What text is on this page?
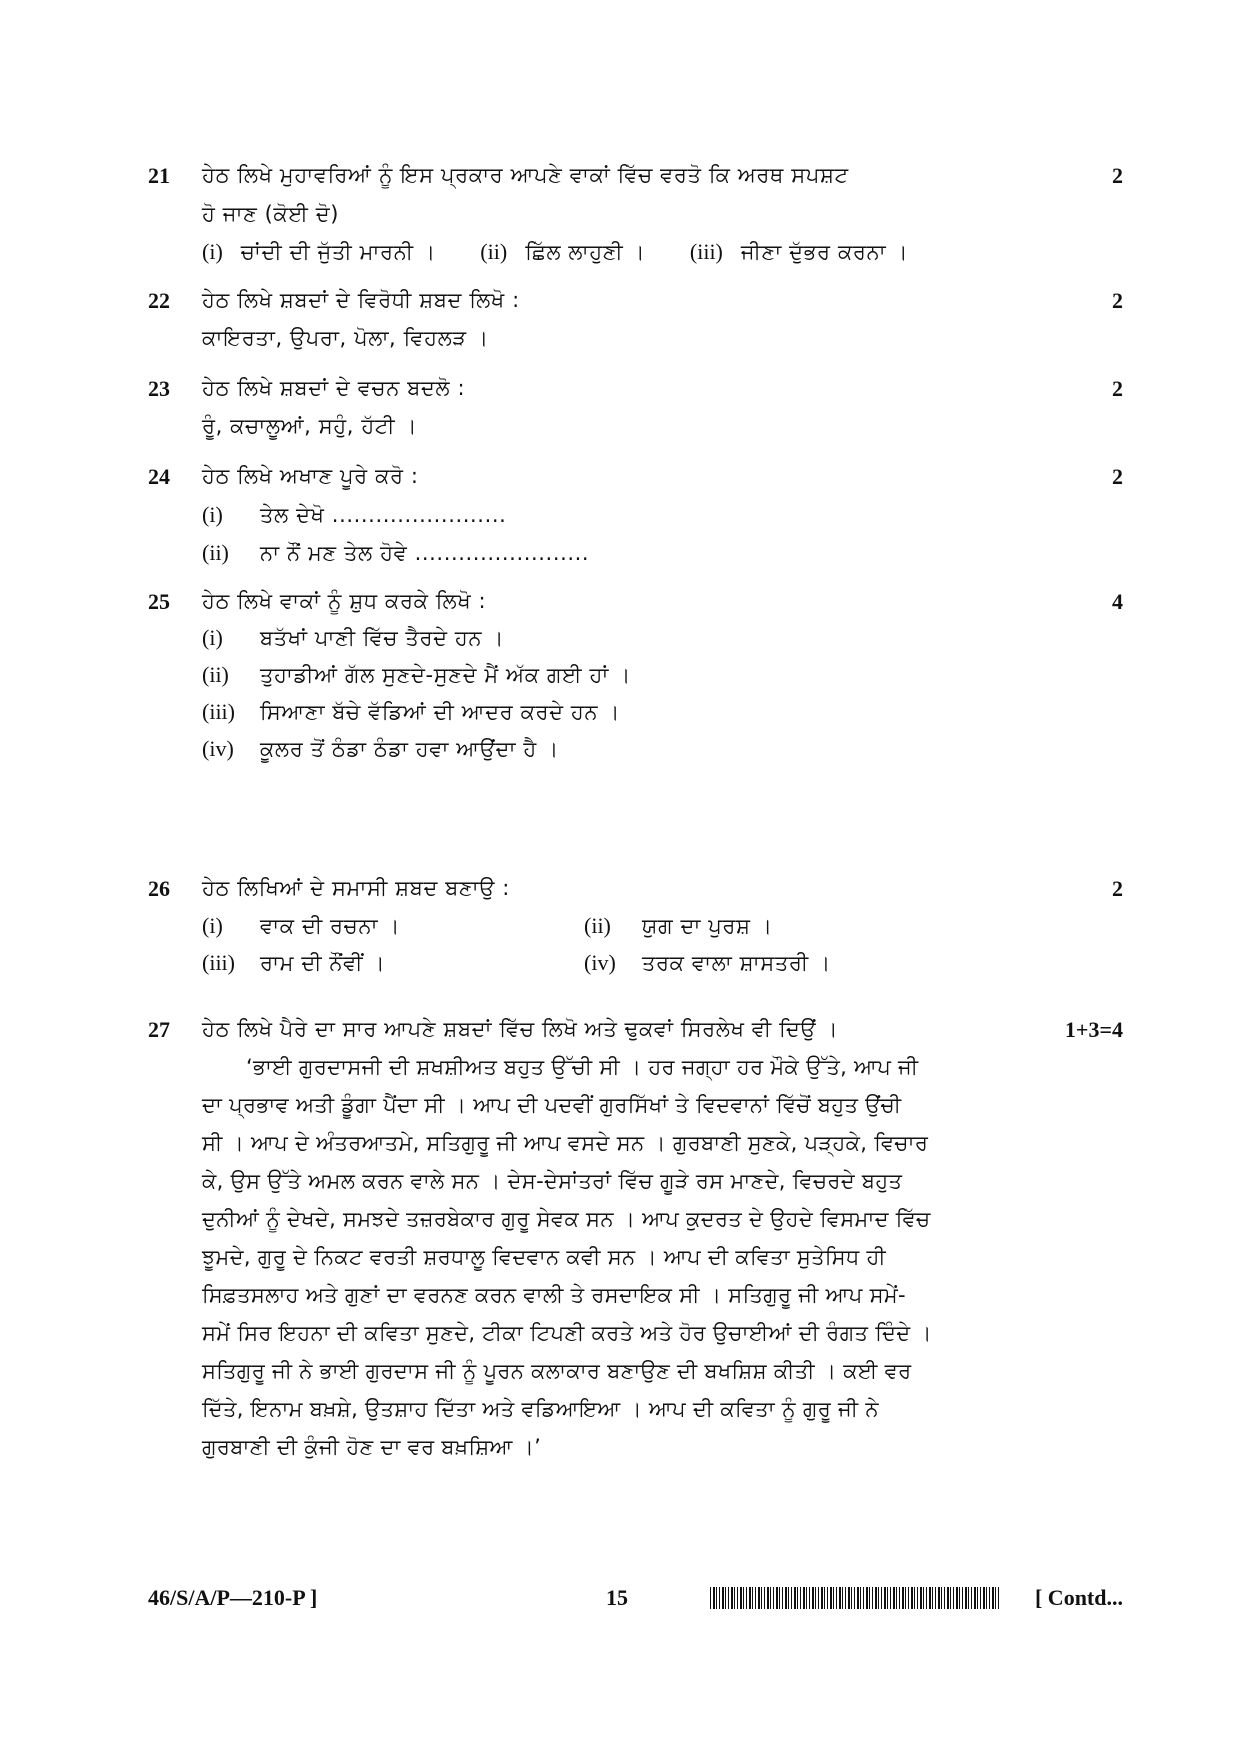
21	ਹੇਠ ਲਿਖੇ ਮੁਹਾਵਰਿਆਂ ਨੂੰ ਇਸ ਪ੍ਰਕਾਰ ਆਪਣੇ ਵਾਕਾਂ ਵਿੱਚ ਵਰਤੋ ਕਿ ਅਰਥ ਸਪਸ਼ਟ	2
ਹੋ ਜਾਣ (ਕੋਈ ਦੋ)
(i) ਚਾਂਦੀ ਦੀ ਜੁੱਤੀ ਮਾਰਨੀ । (ii) ਛਿੱਲ ਲਾਹੁਣੀ । (iii) ਜੀਣਾ ਦੁੱਭਰ ਕਰਨਾ ।
22	ਹੇਠ ਲਿਖੇ ਸ਼ਬਦਾਂ ਦੇ ਵਿਰੋਧੀ ਸ਼ਬਦ ਲਿਖੋ :	2
ਕਾਇਰਤਾ, ਉਪਰਾ, ਪੋਲਾ, ਵਿਹਲੜ ।
23	ਹੇਠ ਲਿਖੇ ਸ਼ਬਦਾਂ ਦੇ ਵਚਨ ਬਦਲੋ :	2
ਰੂੰ, ਕਚਾਲੂਆਂ, ਸਹੁੰ, ਹੱਟੀ ।
24	ਹੇਠ ਲਿਖੇ ਅਖਾਣ ਪੂਰੇ ਕਰੋ :	2
(i) ਤੇਲ ਦੇਖੋ ........................
(ii) ਨਾ ਨੌਂ ਮਣ ਤੇਲ ਹੋਵੇ ........................
25	ਹੇਠ ਲਿਖੇ ਵਾਕਾਂ ਨੂੰ ਸ਼ੁਧ ਕਰਕੇ ਲਿਖੋ :	4
(i) ਬਤੱਖਾਂ ਪਾਣੀ ਵਿੱਚ ਤੈਰਦੇ ਹਨ ।
(ii) ਤੁਹਾਡੀਆਂ ਗੱਲ ਸੁਣਦੇ-ਸੁਣਦੇ ਮੈਂ ਅੱਕ ਗਈ ਹਾਂ ।
(iii) ਸਿਆਣਾ ਬੱਚੇ ਵੱਡਿਆਂ ਦੀ ਆਦਰ ਕਰਦੇ ਹਨ ।
(iv) ਕੂਲਰ ਤੋਂ ਠੰਡਾ ਠੰਡਾ ਹਵਾ ਆਉਂਦਾ ਹੈ ।
26	ਹੇਠ ਲਿਖਿਆਂ ਦੇ ਸਮਾਸੀ ਸ਼ਬਦ ਬਣਾਉ :	2
(i) ਵਾਕ ਦੀ ਰਚਨਾ ।	(ii) ਯੁਗ ਦਾ ਪੁਰਸ਼ ।
(iii) ਰਾਮ ਦੀ ਨੌਂਵੀਂ ।	(iv) ਤਰਕ ਵਾਲਾ ਸ਼ਾਸਤਰੀ ।
27	ਹੇਠ ਲਿਖੇ ਪੈਰੇ ਦਾ ਸਾਰ ਆਪਣੇ ਸ਼ਬਦਾਂ ਵਿੱਚ ਲਿਖੋ ਅਤੇ ਢੁਕਵਾਂ ਸਿਰਲੇਖ ਵੀ ਦਿਉਂ ।	1+3=4
‘ਭਾਈ ਗੁਰਦਾਸਜੀ ਦੀ ਸ਼ਖਸ਼ੀਅਤ ਬਹੁਤ ਉੱਚੀ ਸੀ । ਹਰ ਜਗ੍ਹਾ ਹਰ ਮੌਕੇ ਉੱਤੇ, ਆਪ ਜੀ
ਦਾ ਪ੍ਰਭਾਵ ਅਤੀ ਡੂੰਗਾ ਪੈਂਦਾ ਸੀ । ਆਪ ਦੀ ਪਦਵੀਂ ਗੁਰਸਿੱਖਾਂ ਤੇ ਵਿਦਵਾਨਾਂ ਵਿੱਚੋਂ ਬਹੁਤ ਉਂਚੀ
ਸੀ । ਆਪ ਦੇ ਅੰਤਰਆਤਮੇ, ਸਤਿਗੁਰੂ ਜੀ ਆਪ ਵਸਦੇ ਸਨ । ਗੁਰਬਾਣੀ ਸੁਣਕੇ, ਪੜ੍ਹਕੇ, ਵਿਚਾਰ
ਕੇ, ਉਸ ਉੱਤੇ ਅਮਲ ਕਰਨ ਵਾਲੇ ਸਨ । ਦੇਸ-ਦੇਸਾਂਤਰਾਂ ਵਿੱਚ ਗੂੜੇ ਰਸ ਮਾਣਦੇ, ਵਿਚਰਦੇ ਬਹੁਤ
ਦੁਨੀਆਂ ਨੂੰ ਦੇਖਦੇ, ਸਮਝਦੇ ਤਜ਼ਰਬੇਕਾਰ ਗੁਰੂ ਸੇਵਕ ਸਨ । ਆਪ ਕੁਦਰਤ ਦੇ ਉਹਦੇ ਵਿਸਮਾਦ ਵਿੱਚ
ਝੂਮਦੇ, ਗੁਰੂ ਦੇ ਨਿਕਟ ਵਰਤੀ ਸ਼ਰਧਾਲੂ ਵਿਦਵਾਨ ਕਵੀ ਸਨ । ਆਪ ਦੀ ਕਵਿਤਾ ਸੁਤੇਸਿਧ ਹੀ
ਸਿਫ਼ਤਸਲਾਹ ਅਤੇ ਗੁਣਾਂ ਦਾ ਵਰਨਣ ਕਰਨ ਵਾਲੀ ਤੇ ਰਸਦਾਇਕ ਸੀ । ਸਤਿਗੁਰੂ ਜੀ ਆਪ ਸਮੇਂ-
ਸਮੇਂ ਸਿਰ ਇਹਨਾ ਦੀ ਕਵਿਤਾ ਸੁਣਦੇ, ਟੀਕਾ ਟਿਪਣੀ ਕਰਤੇ ਅਤੇ ਹੋਰ ਉਚਾਈਆਂ ਦੀ ਰੰਗਤ ਦਿੰਦੇ ।
ਸਤਿਗੁਰੂ ਜੀ ਨੇ ਭਾਈ ਗੁਰਦਾਸ ਜੀ ਨੂੰ ਪੂਰਨ ਕਲਾਕਾਰ ਬਣਾਉਣ ਦੀ ਬਖਸ਼ਿਸ਼ ਕੀਤੀ । ਕਈ ਵਰ
ਦਿੱਤੇ, ਇਨਾਮ ਬਖ਼ਸ਼ੇ, ਉਤਸ਼ਾਹ ਦਿੱਤਾ ਅਤੇ ਵਡਿਆਇਆ । ਆਪ ਦੀ ਕਵਿਤਾ ਨੂੰ ਗੁਰੂ ਜੀ ਨੇ
ਗੁਰਬਾਣੀ ਦੀ ਕੁੰਜੀ ਹੋਣ ਦਾ ਵਰ ਬਖ਼ਸ਼ਿਆ ।’
46/S/A/P—210-P ]	15	[ Contd...
